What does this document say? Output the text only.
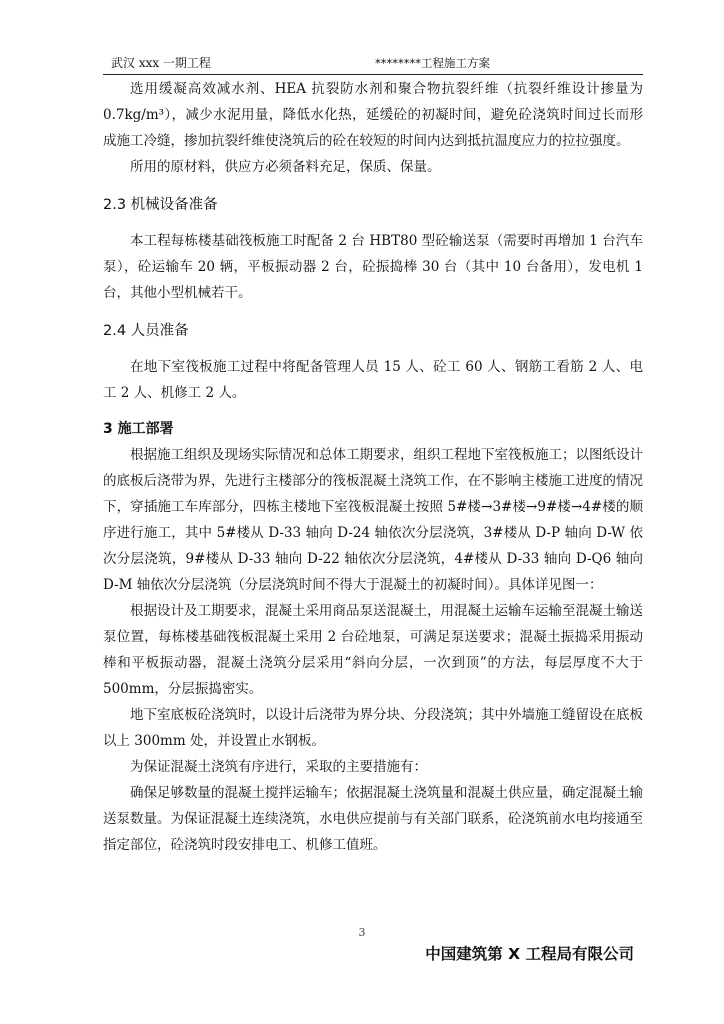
武汉 xxx 一期工程	********工程施工方案

选用缓凝高效减水剂、HEA 抗裂防水剂和聚合物抗裂纤维（抗裂纤维设计掺量为 0.7kg/m³），减少水泥用量，降低水化热，延缓砼的初凝时间，避免砼浇筑时间过长而形成施工冷缝，掺加抗裂纤维使浇筑后的砼在较短的时间内达到抵抗温度应力的拉拉强度。

所用的原材料，供应方必须备料充足，保质、保量。

2.3 机械设备准备

本工程每栋楼基础筏板施工时配备 2 台 HBT80 型砼输送泵（需要时再增加 1 台汽车泵），砼运输车 20 辆，平板振动器 2 台，砼振捣棒 30 台（其中 10 台备用），发电机 1 台，其他小型机械若干。

2.4 人员准备

在地下室筏板施工过程中将配备管理人员 15 人、砼工 60 人、钢筋工看筋 2 人、电工 2 人、机修工 2 人。

3 施工部署

根据施工组织及现场实际情况和总体工期要求，组织工程地下室筏板施工；以图纸设计的底板后浇带为界，先进行主楼部分的筏板混凝土浇筑工作，在不影响主楼施工进度的情况下，穿插施工车库部分，四栋主楼地下室筏板混凝土按照 5#楼→3#楼→9#楼→4#楼的顺序进行施工，其中 5#楼从 D-33 轴向 D-24 轴依次分层浇筑，3#楼从 D-P 轴向 D-W 依次分层浇筑，9#楼从 D-33 轴向 D-22 轴依次分层浇筑，4#楼从 D-33 轴向 D-Q6 轴向 D-M 轴依次分层浇筑（分层浇筑时间不得大于混凝土的初凝时间）。具体详见图一：

根据设计及工期要求，混凝土采用商品泵送混凝土，用混凝土运输车运输至混凝土输送泵位置，每栋楼基础筏板混凝土采用 2 台砼地泵，可满足泵送要求；混凝土振捣采用振动棒和平板振动器，混凝土浇筑分层采用“斜向分层，一次到顶”的方法，每层厚度不大于 500mm，分层振捣密实。

地下室底板砼浇筑时，以设计后浇带为界分块、分段浇筑；其中外墙施工缝留设在底板以上 300mm 处，并设置止水钢板。

为保证混凝土浇筑有序进行，采取的主要措施有：

确保足够数量的混凝土搅拌运输车；依据混凝土浇筑量和混凝土供应量，确定混凝土输送泵数量。为保证混凝土连续浇筑，水电供应提前与有关部门联系，砼浇筑前水电均接通至指定部位，砼浇筑时段安排电工、机修工值班。

3
中国建筑第 X 工程局有限公司
